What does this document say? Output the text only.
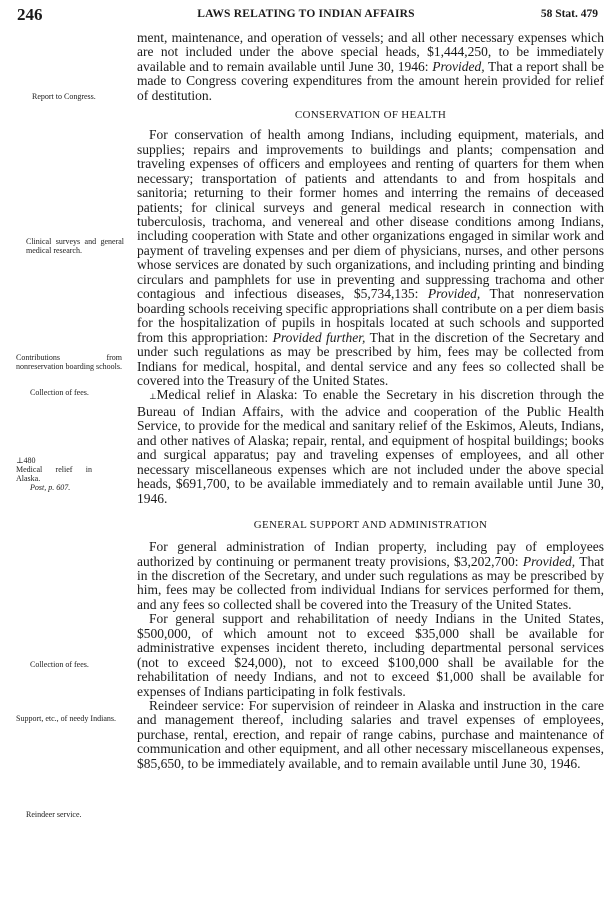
246	LAWS RELATING TO INDIAN AFFAIRS	58 Stat. 479
Report to Congress.
Clinical surveys and general medical research.
Contributions from nonreservation boarding schools.
Collection of fees.
⊥480
Medical relief in Alaska.
Post, p. 607.
Collection of fees.
Support, etc., of needy Indians.
Reindeer service.

ment, maintenance, and operation of vessels; and all other necessary expenses which are not included under the above special heads, $1,444,250, to be immediately available and to remain available until June 30, 1946: Provided, That a report shall be made to Congress covering expenditures from the amount herein provided for relief of destitution.

CONSERVATION OF HEALTH

For conservation of health among Indians, including equipment, materials, and supplies; repairs and improvements to buildings and plants; compensation and traveling expenses of officers and employees and renting of quarters for them when necessary; transportation of patients and attendants to and from hospitals and sanitoria; returning to their former homes and interring the remains of deceased patients; for clinical surveys and general medical research in connection with tuberculosis, trachoma, and venereal and other disease conditions among Indians, including cooperation with State and other organizations engaged in similar work and payment of traveling expenses and per diem of physicians, nurses, and other persons whose services are donated by such organizations, and including printing and binding circulars and pamphlets for use in preventing and suppressing trachoma and other contagious and infectious diseases, $5,734,135: Provided, That nonreservation boarding schools receiving specific appropriations shall contribute on a per diem basis for the hospitalization of pupils in hospitals located at such schools and supported from this appropriation: Provided further, That in the discretion of the Secretary and under such regulations as may be prescribed by him, fees may be collected from Indians for medical, hospital, and dental service and any fees so collected shall be covered into the Treasury of the United States.

⊥Medical relief in Alaska: To enable the Secretary in his discretion through the Bureau of Indian Affairs, with the advice and cooperation of the Public Health Service, to provide for the medical and sanitary relief of the Eskimos, Aleuts, Indians, and other natives of Alaska; repair, rental, and equipment of hospital buildings; books and surgical apparatus; pay and traveling expenses of employees, and all other necessary miscellaneous expenses which are not included under the above special heads, $691,700, to be available immediately and to remain available until June 30, 1946.

GENERAL SUPPORT AND ADMINISTRATION

For general administration of Indian property, including pay of employees authorized by continuing or permanent treaty provisions, $3,202,700: Provided, That in the discretion of the Secretary, and under such regulations as may be prescribed by him, fees may be collected from individual Indians for services performed for them, and any fees so collected shall be covered into the Treasury of the United States.

For general support and rehabilitation of needy Indians in the United States, $500,000, of which amount not to exceed $35,000 shall be available for administrative expenses incident thereto, including departmental personal services (not to exceed $24,000), not to exceed $100,000 shall be available for the rehabilitation of needy Indians, and not to exceed $1,000 shall be available for expenses of Indians participating in folk festivals.

Reindeer service: For supervision of reindeer in Alaska and instruction in the care and management thereof, including salaries and travel expenses of employees, purchase, rental, erection, and repair of range cabins, purchase and maintenance of communication and other equipment, and all other necessary miscellaneous expenses, $85,650, to be immediately available, and to remain available until June 30, 1946.
